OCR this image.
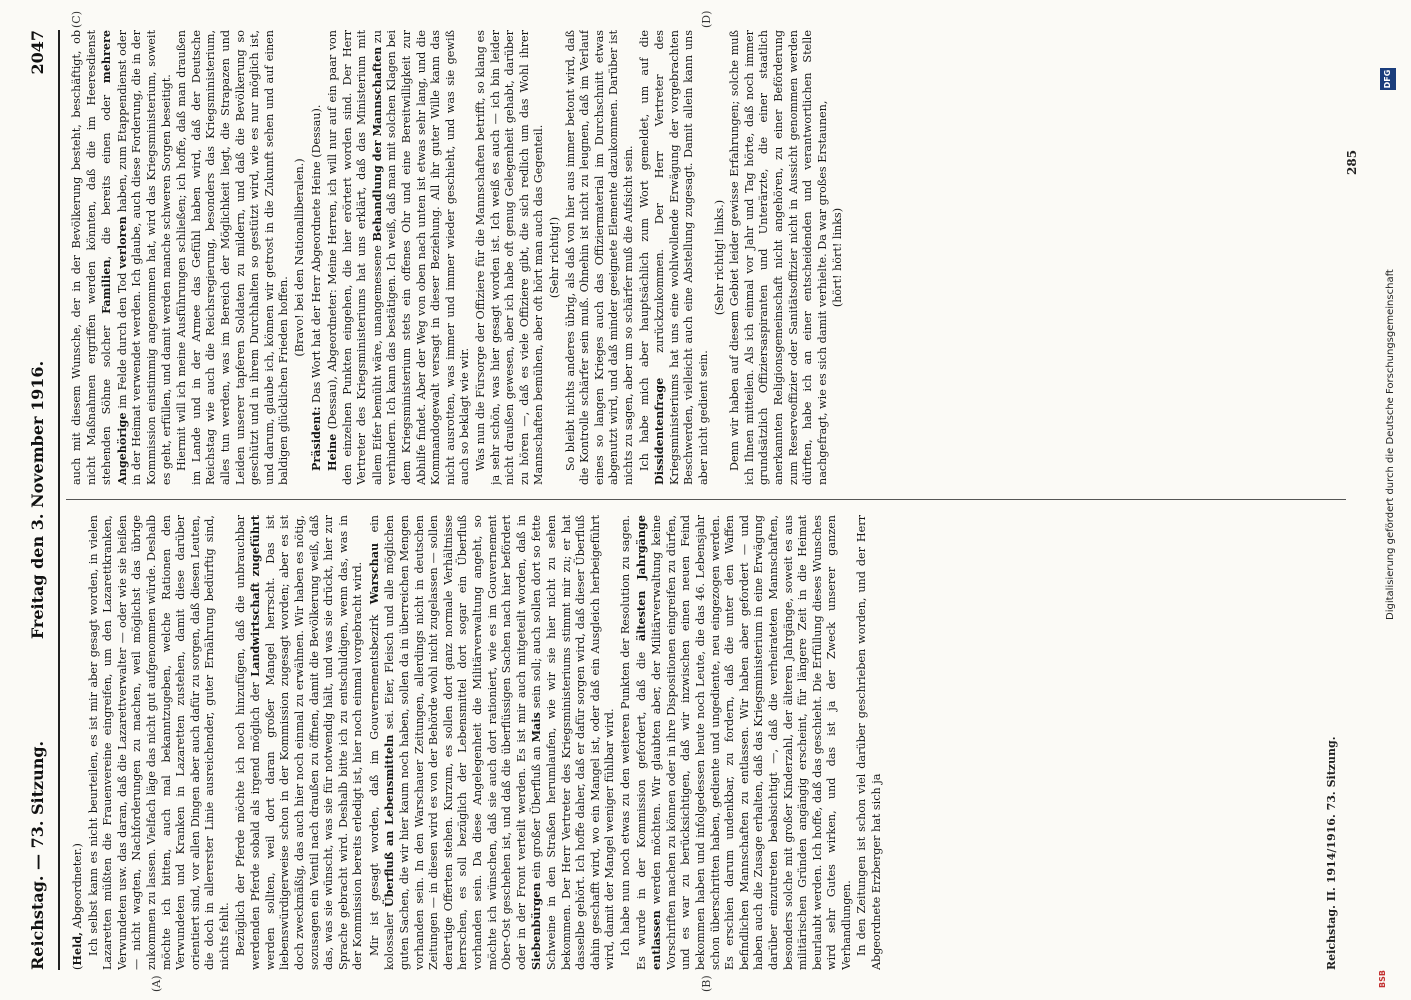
Reichstag. — 73. Sitzung.
Freitag den 3. November 1916.
2047
(A)	(B)
(C)	(D)

(Held, Abgeordneter.) Ich selbst kann es nicht beurteilen, es ist mir aber gesagt worden, in vielen Lazaretten müßten die Frauenvereine eingreifen, um den Lazarettkranken, Verwundeten usw. das daran, daß die Lazarettverwalter — oder wie sie heißen — nicht wagten, Nachforderungen zu machen, weil möglichst das übrige zukommen zu lassen. Vielfach läge das nicht gut aufgenommen würde. Deshalb möchte ich bitten, auch mal bekanntzugeben, welche Rationen den Verwundeten und Kranken in Lazaretten zustehen, damit diese darüber orientiert sind, vor allen Dingen aber auch dafür zu sorgen, daß diesen Leuten, die doch in allererster Linie ausreichender, guter Ernährung bedürftig sind, nichts fehlt. Bezüglich der Pferde möchte ich noch hinzufügen, daß die unbrauchbar werdenden Pferde sobald als irgend möglich der Landwirtschaft zugeführt werden sollten, weil dort daran großer Mangel herrscht. Das ist liebenswürdigerweise schon in der Kommission zugesagt worden; aber es ist doch zweckmäßig, das auch hier noch einmal zu erwähnen. Wir haben es nötig, sozusagen ein Ventil nach draußen zu öffnen, damit die Bevölkerung weiß, daß das, was sie wünscht, was sie für notwendig hält, und was sie drückt, hier zur Sprache gebracht wird. Deshalb bitte ich zu entschuldigen, wenn das, was in der Kommission bereits erledigt ist, hier noch einmal vorgebracht wird. Mir ist gesagt worden, daß im Gouvernementsbezirk Warschau ein kolossaler Überfluß an Lebensmitteln sei. Eier, Fleisch und alle möglichen guten Sachen, die wir hier kaum noch haben, sollen da in überreichen Mengen vorhanden sein. In den Warschauer Zeitungen, allerdings nicht in deutschen Zeitungen — in diesen wird es von der Behörde wohl nicht zugelassen — sollen derartige Offerten stehen. Kurzum, es sollen dort ganz normale Verhältnisse herrschen, es soll bezüglich der Lebensmittel dort sogar ein Überfluß vorhanden sein. Da diese Angelegenheit die Militärverwaltung angeht, so möchte ich wünschen, daß sie auch dort rationiert, wie es im Gouvernement Ober-Ost geschehen ist, und daß die überflüssigen Sachen nach hier befördert oder in der Front verteilt werden. Es ist mir auch mitgeteilt worden, daß in Siebenbürgen ein großer Überfluß an Mais sein soll; auch sollen dort so fette Schweine in den Straßen herumlaufen, wie wir sie hier nicht zu sehen bekommen. Der Herr Vertreter des Kriegsministeriums stimmt mir zu; er hat dasselbe gehört. Ich hoffe daher, daß er dafür sorgen wird, daß dieser Überfluß dahin geschafft wird, wo ein Mangel ist, oder daß ein Ausgleich herbeigeführt wird, damit der Mangel weniger fühlbar wird. Ich habe nun noch etwas zu den weiteren Punkten der Resolution zu sagen. Es wurde in der Kommission gefordert, daß die ältesten Jahrgänge entlassen werden möchten. Wir glaubten aber, der Militärverwaltung keine Vorschriften machen zu können oder in ihre Dispositionen eingreifen zu dürfen, und es war zu berücksichtigen, daß wir inzwischen einen neuen Feind bekommen haben und infolgedessen heute noch Leute, die das 46. Lebensjahr schon überschritten haben, gediente und ungediente, neu eingezogen werden. Es erschien darum undenkbar, zu fordern, daß die unter den Waffen befindlichen Mannschaften zu entlassen. Wir haben aber gefordert — und haben auch die Zusage erhalten, daß das Kriegsministerium in eine Erwägung darüber einzutreten beabsichtigt —, daß die verheirateten Mannschaften, besonders solche mit großer Kinderzahl, der älteren Jahrgänge, soweit es aus militärischen Gründen angängig erscheint, für längere Zeit in die Heimat beurlaubt werden. Ich hoffe, daß das geschieht. Die Erfüllung dieses Wunsches wird sehr Gutes wirken, und das ist ja der Zweck unserer ganzen Verhandlungen. In den Zeitungen ist schon viel darüber geschrieben worden, und der Herr Abgeordnete Erzberger hat sich ja

auch mit diesem Wunsche, der in der Bevölkerung besteht, beschäftigt, ob nicht Maßnahmen ergriffen werden könnten, daß die im Heeresdienst stehenden Söhne solcher Familien, die bereits einen oder mehrere Angehörige im Felde durch den Tod verloren haben, zum Etappendienst oder in der Heimat verwendet werden. Ich glaube, auch diese Forderung, die in der Kommission einstimmig angenommen hat, wird das Kriegsministerium, soweit es geht, erfüllen, und damit werden manche schweren Sorgen beseitigt. Hiermit will ich meine Ausführungen schließen; ich hoffe, daß man draußen im Lande und in der Armee das Gefühl haben wird, daß der Deutsche Reichstag wie auch die Reichsregierung, besonders das Kriegsministerium, alles tun werden, was im Bereich der Möglichkeit liegt, die Strapazen und Leiden unserer tapferen Soldaten zu mildern, und daß die Bevölkerung so geschützt und in ihrem Durchhalten so gestützt wird, wie es nur möglich ist, und darum, glaube ich, können wir getrost in die Zukunft sehen und auf einen baldigen glücklichen Frieden hoffen.

(Bravo! bei den Nationalliberalen.)

Präsident: Das Wort hat der Herr Abgeordnete Heine (Dessau).

Heine (Dessau), Abgeordneter: Meine Herren, ich will nur auf ein paar von den einzelnen Punkten eingehen, die hier erörtert worden sind. Der Herr Vertreter des Kriegsministeriums hat uns erklärt, daß das Ministerium mit allem Eifer bemüht wäre, unangemessene Behandlung der Mannschaften zu verhindern. Ich kann das bestätigen. Ich weiß, daß man mit solchen Klagen bei dem Kriegsministerium stets ein offenes Ohr und eine Bereitwilligkeit zur Abhilfe findet. Aber der Weg von oben nach unten ist etwas sehr lang, und die Kommandogewalt versagt in dieser Beziehung. All ihr guter Wille kann das nicht ausrotten, was immer und immer wieder geschieht, und was sie gewiß auch so beklagt wie wir. Was nun die Fürsorge der Offiziere für die Mannschaften betrifft, so klang es ja sehr schön, was hier gesagt worden ist. Ich weiß es auch — ich bin leider nicht draußen gewesen, aber ich habe oft genug Gelegenheit gehabt, darüber zu hören —, daß es viele Offiziere gibt, die sich redlich um das Wohl ihrer Mannschaften bemühen, aber oft hört man auch das Gegenteil. (Sehr richtig!) So bleibt nichts anderes übrig, als daß von hier aus immer betont wird, daß die Kontrolle schärfer sein muß. Ohnehin ist nicht zu leugnen, daß im Verlauf eines so langen Krieges auch das Offiziermaterial im Durchschnitt etwas abgenutzt wird, und daß minder geeignete Elemente dazukommen. Darüber ist nichts zu sagen, aber um so schärfer muß die Aufsicht sein. Ich habe mich aber hauptsächlich zum Wort gemeldet, um auf die Dissidentenfrage zurückzukommen. Der Herr Vertreter des Kriegsministeriums hat uns eine wohlwollende Erwägung der vorgebrachten Beschwerden, vielleicht auch eine Abstellung zugesagt. Damit allein kann uns aber nicht gedient sein.

(Sehr richtig! links.) Denn wir haben auf diesem Gebiet leider gewisse Erfahrungen; solche muß ich Ihnen mitteilen. Als ich einmal vor Jahr und Tag hörte, daß noch immer grundsätzlich Offiziersaspiranten und Unterärzte, die einer staatlich anerkannten Religionsgemeinschaft nicht angehören, zu einer Beförderung zum Reserveoffizier oder Sanitätsoffizier nicht in Aussicht genommen werden dürften, habe ich an einer entscheidenden und verantwortlichen Stelle nachgefragt, wie es sich damit verhielte. Da war großes Erstaunen, (hört! hört! links)

Reichstag. II. 1914/1916. 73. Sitzung.
285
Digitalisierung gefördert durch die Deutsche Forschungsgemeinschaft
DFG
BSB
